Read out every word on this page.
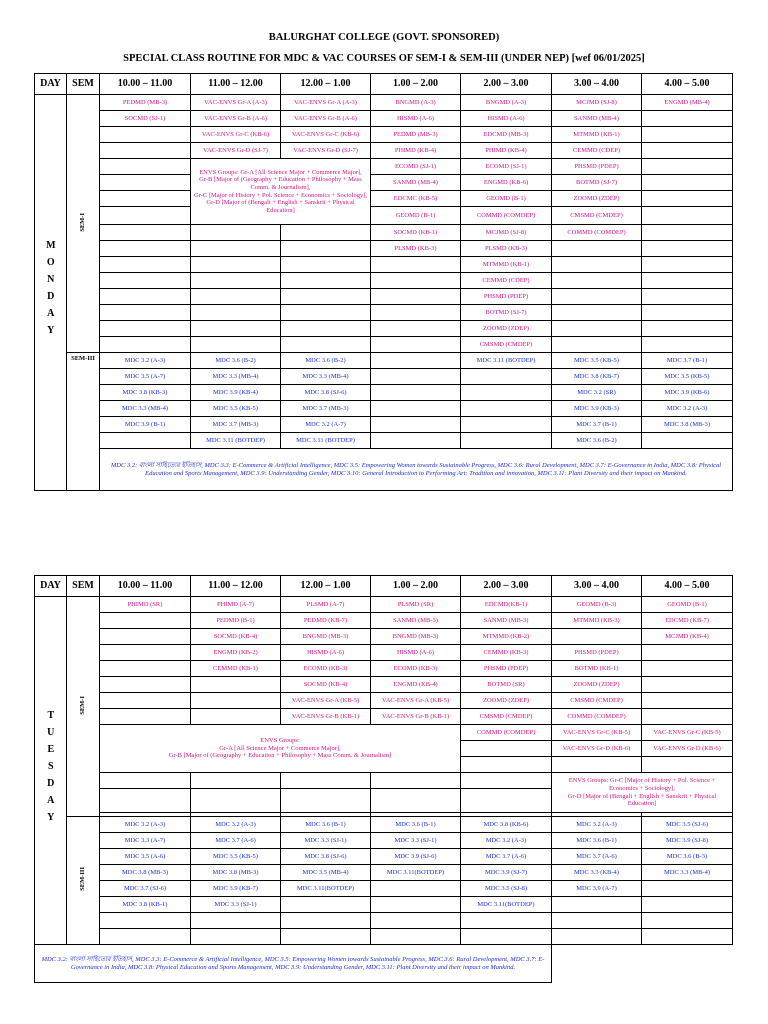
BALURGHAT COLLEGE (GOVT. SPONSORED)
SPECIAL CLASS ROUTINE FOR MDC & VAC COURSES OF SEM-I & SEM-III (UNDER NEP) [wef 06/01/2025]
DAY	SEM	10.00 – 11.00	11.00 – 12.00	12.00 – 1.00	1.00 – 2.00	2.00 – 3.00	3.00 – 4.00	4.00 – 5.00
MONDAY	SEM-I	PEDMD (MB-3)	VAC-ENVS Gr-A (A-3)	VAC-ENVS Gr-A (A-3)	BNGMD (A-3)	BNGMD (A-3)	MCJMD (SJ-8)	ENGMD (MB-4)
		SOCMD (SJ-1)	VAC-ENVS Gr-B (A-6)	VAC-ENVS Gr-B (A-6)	HISMD (A-6)	HISMD (A-6)	SANMD (MB-4)	
			VAC-ENVS Gr-C (KB-6)	VAC-ENVS Gr-C (KB-6)	PEDMD (MB-3)	EDCMD (MB-3)	MTMMD (KB-1)	
			VAC-ENVS Gr-D (SJ-7)	VAC-ENVS Gr-D (SJ-7)	PHIMD (KB-4)	PHIMD (KB-4)	CEMMD (CDEP)	

			ENVS Groups: Gr-A [All Science Major + Commerce Major],
Gr-B [Major of (Geography + Education + Philosophy + Mass Comm. & Journalism],
Gr-C [Major of History + Pol. Science + Economics + Sociology],
Gr-D [Major of (Bengali + English + Sanskrit + Physical Education]		ECOMD (SJ-1)	ECOMD (SJ-1)	PHSMD (PDEP)	
					SANMD (MB-4)	ENGMD (KB-6)	BOTMD (SJ-7)	
					EDCMC (KB-5)	GEOMD (B-1)	ZOOMD (ZDEP)	
					GEOMD (B-1)	COMMD (COMDEP)	CMSMD (CMDEP)	
					SOCMD (KB-1)	MCJMD (SJ-8)	COMMD (COMDEP)	
					PLSMD (KB-3)	PLSMD (KB-3)		
						MTMMD (KB-1)		
						CEMMD (CDEP)		
						PHSMD (PDEP)		
						BOTMD (SJ-7)		
						ZOOMD (ZDEP)		
						CMSMD (CMDEP)		
	SEM-III	MDC 3.2 (A-3)	MDC 3.6 (B-2)	MDC 3.6 (B-2)		MDC 3.11 (BOTDEP)	MDC 3.5 (KB-5)	MDC 3.7 (B-1)
		MDC 3.5 (A-7)	MDC 3.3 (MB-4)	MDC 3.3 (MB-4)			MDC 3.8 (KB-7)	MDC 3.5 (KB-5)
		MDC 3.8 (KB-3)	MDC 3.9 (KB-4)	MDC 3.8 (SJ-6)			MDC 3.2 (SR)	MDC 3.9 (KB-6)
		MDC 3.3 (MB-4)	MDC 3.5 (KB-5)	MDC 3.7 (MB-3)			MDC 3.9 (KB-3)	MDC 3.2 (A-3)
		MDC 3.9 (B-1)	MDC 3.7 (MB-3)	MDC 3.2 (A-7)			MDC 3.7 (B-1)	MDC 3.8 (MB-3)
			MDC 3.11 (BOTDEP)	MDC 3.11 (BOTDEP)			MDC 3.6 (B-2)	
		MDC 3.2: বাংলা সাহিত্যের ইতিহাস, MDC 3.3: E-Commerce & Artificial Intelligence, MDC 3.5: Empowering Women towards Sustainable Progress, MDC 3.6: Rural Development, MDC 3.7: E-Governance in India, MDC 3.8: Physical Education and Sports Management, MDC 3.9: Understanding Gender, MDC 3.10: General Introduction to Performing Art: Tradition and innovation, MDC 3.11: Plant Diversity and their impact on Mankind.						
DAY	SEM	10.00 – 11.00	11.00 – 12.00	12.00 – 1.00	1.00 – 2.00	2.00 – 3.00	3.00 – 4.00	4.00 – 5.00
TUESDAY	SEM-I	PHIMD (SR)	PHIMD (A-7)	PLSMD (A-7)	PLSMD (SR)	EDCMD(KB-1)	GEOMD (B-3)	GEOMD (B-1)
			PEDMD (B-1)	PEDMD (KB-7)	SANMD (MB-3)	SANMD (MB-3)	MTMMD (KB-3)	EDCMD (KB-7)
			SOCMD (KB-4)	BNGMD (MB-3)	BNGMD (MB-3)	MTMMD (KB-2)		MCJMD (KB-4)
			ENGMD (KB-2)	HISMD (A-6)	HISMD (A-6)	CEMMD (KB-3)	PHSMD (PDEP)	
			CEMMD (KB-1)	ECOMD (KB-3)	ECOMD (KB-3)	PHSMD (PDEP)	BOTMD (KB-1)	
				SOCMD (KB-4)	ENGMD (KB-4)	BOTMD (SR)	ZOOMD (ZDEP)	
				VAC-ENVS Gr-A (KB-5)	VAC-ENVS Gr-A (KB-5)	ZOOMD (ZDEP)	CMSMD (CMDEP)	
				VAC-ENVS Gr-B (KB-1)	VAC-ENVS Gr-B (KB-1)	CMSMD (CMDEP)	COMMD (COMDEP)	

		ENVS Groups:
Gr-A [All Science Major + Commerce Major],
Gr-B [Major of (Geography + Education + Philosophy + Mass Comm. & Journalism]				COMMD (COMDEP)	VAC-ENVS Gr-C (KB-5)	VAC-ENVS Gr-C (KB-5)
							VAC-ENVS Gr-D (KB-6)	VAC-ENVS Gr-D (KB-6)

							ENVS Groups: Gr-C [Major of History + Pol. Science + Economics + Sociology],
Gr-D [Major of (Bengali + English + Sanskrit + Physical Education]	

	SEM-III	MDC 3.2 (A-3)	MDC 3.2 (A-3)	MDC 3.6 (B-1)	MDC 3.6 (B-1)	MDC 3.8 (KB-6)	MDC 3.2 (A-3)	MDC 3.5 (SJ-6)
		MDC 3.3 (A-7)	MDC 3.7 (A-6)	MDC 3.3 (SJ-1)	MDC 3.3 (SJ-1)	MDC 3.2 (A-3)	MDC 3.6 (B-1)	MDC 3.9 (SJ-8)
		MDC 3.5 (A-6)	MDC 3.5 (KB-5)	MDC 3.8 (SJ-6)	MDC 3.9 (SJ-6)	MDC 3.7 (A-6)	MDC 3.7 (A-6)	MDC 3.6 (B-3)
		MDC 3.8 (MB-3)	MDC 3.8 (MB-3)	MDC 3.5 (MB-4)	MDC 3.11(BOTDEP)	MDC 3.9 (SJ-7)	MDC 3.3 (KB-4)	MDC 3.3 (MB-4)
		MDC 3.7 (SJ-6)	MDC 3.9 (KB-7)	MDC 3.11(BOTDEP)		MDC 3.5 (SJ-8)	MDC 3.9 (A-7)	
		MDC 3.8 (KB-1)	MDC 3.3 (SJ-1)			MDC 3.11(BOTDEP)		

MDC 3.2: বাংলা সাহিত্যের ইতিহাস, MDC 3.3: E-Commerce & Artificial Intelligence, MDC 3.5: Empowering Women towards Sustainable Progress, MDC 3.6: Rural Development, MDC 3.7: E-Governance in India, MDC 3.8: Physical Education and Sports Management, MDC 3.9: Understanding Gender, MDC 3.11: Plant Diversity and their impact on Mankind.								
